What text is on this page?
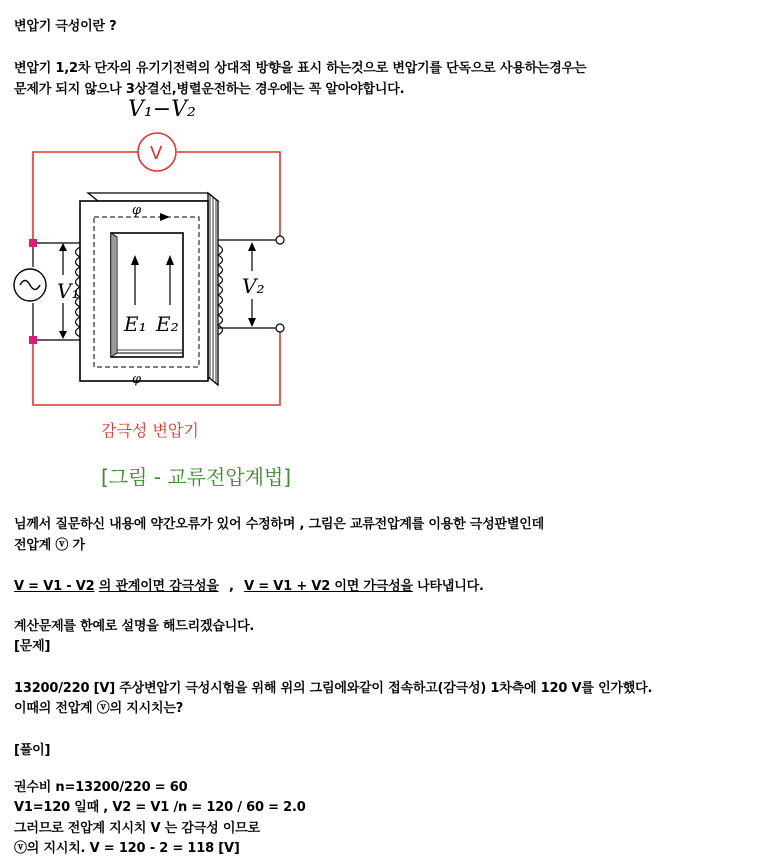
변압기 극성이란 ?
변압기 1,2차 단자의 유기기전력의 상대적 방향을 표시 하는것으로 변압기를 단독으로 사용하는경우는
문제가 되지 않으나 3상결선,병렬운전하는 경우에는 꼭 알아야합니다.
V₁−V₂
V
φ
φ
V₁
E₁ E₂
V₂
감극성 변압기
[그림 - 교류전압계법]
님께서 질문하신 내용에 약간오류가 있어 수정하며 , 그림은 교류전압계를 이용한 극성판별인데
전압계 ⓥ 가
V = V1 - V2 의 관계이면 감극성을 , V = V1 + V2 이면 가극성을 나타냅니다.
계산문제를 한예로 설명을 해드리겠습니다.
[문제]
13200/220 [V] 주상변압기 극성시험을 위해 위의 그림에와같이 접속하고(감극성) 1차측에 120 V를 인가했다.
이때의 전압계 ⓥ의 지시치는?
[풀이]
권수비 n=13200/220 = 60
V1=120 일때 , V2 = V1 /n = 120 / 60 = 2.0
그러므로 전압계 지시치 V 는 감극성 이므로
ⓥ의 지시치. V = 120 - 2 = 118 [V]
